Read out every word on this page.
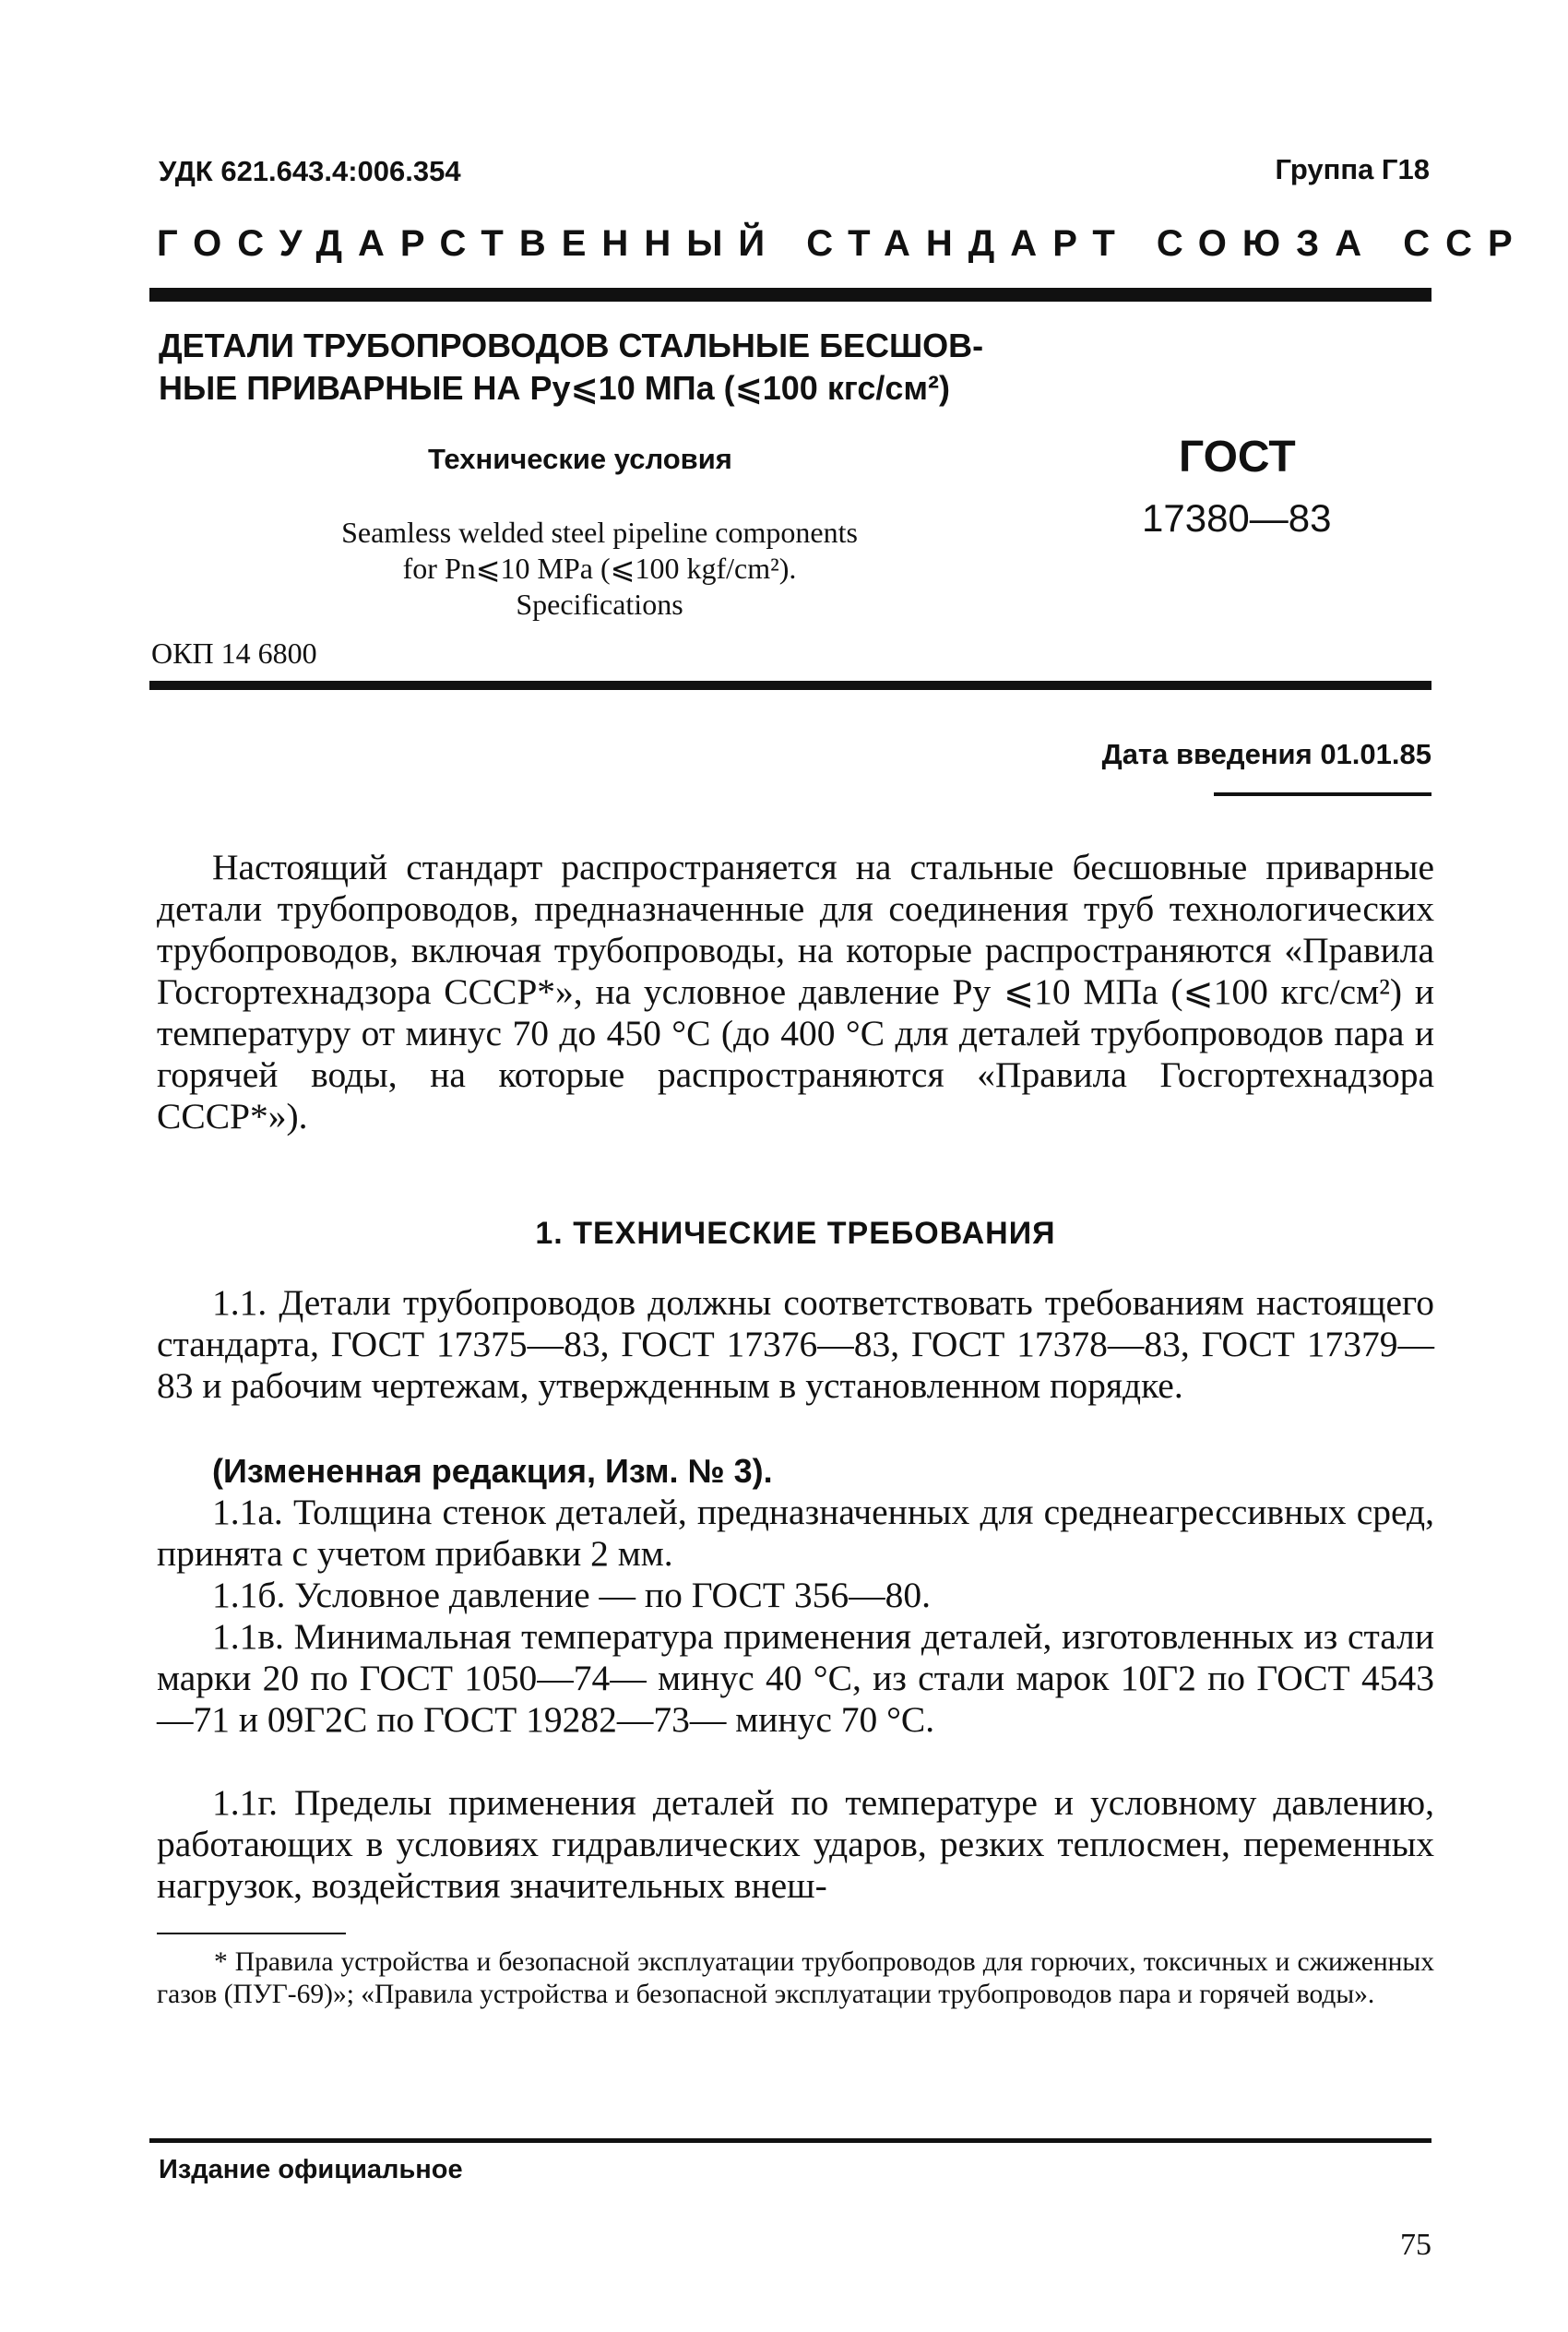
УДК 621.643.4:006.354	Группа Г18
ГОСУДАРСТВЕННЫЙ СТАНДАРТ СОЮЗА ССР
ДЕТАЛИ ТРУБОПРОВОДОВ СТАЛЬНЫЕ БЕСШОВ-
НЫЕ ПРИВАРНЫЕ НА Pу⩽10 МПа (⩽100 кгс/см²)
Технические условия	ГОСТ
17380—83
Seamless welded steel pipeline components
for Pn⩽10 MPa (⩽100 kgf/cm²).
Specifications
ОКП 14 6800
Дата введения 01.01.85
Настоящий стандарт распространяется на стальные бесшовные приварные детали трубопроводов, предназначенные для соединения труб технологических трубопроводов, включая трубопроводы, на которые распространяются «Правила Госгортехнадзора СССР*», на условное давление Pу ⩽10 МПа (⩽100 кгс/см²) и температуру от минус 70 до 450 °С (до 400 °С для деталей трубопроводов пара и горячей воды, на которые распространяются «Правила Госгортехнадзора СССР*»).
1. ТЕХНИЧЕСКИЕ ТРЕБОВАНИЯ
1.1. Детали трубопроводов должны соответствовать требованиям настоящего стандарта, ГОСТ 17375—83, ГОСТ 17376—83, ГОСТ 17378—83, ГОСТ 17379—83 и рабочим чертежам, утвержденным в установленном порядке.
(Измененная редакция, Изм. № 3).
1.1а. Толщина стенок деталей, предназначенных для среднеагрессивных сред, принята с учетом прибавки 2 мм.
1.1б. Условное давление — по ГОСТ 356—80.
1.1в. Минимальная температура применения деталей, изготовленных из стали марки 20 по ГОСТ 1050—74— минус 40 °С, из стали марок 10Г2 по ГОСТ 4543—71 и 09Г2С по ГОСТ 19282—73— минус 70 °С.
1.1г. Пределы применения деталей по температуре и условному давлению, работающих в условиях гидравлических ударов, резких теплосмен, переменных нагрузок, воздействия значительных внеш-
* Правила устройства и безопасной эксплуатации трубопроводов для горючих, токсичных и сжиженных газов (ПУГ-69)»; «Правила устройства и безопасной эксплуатации трубопроводов пара и горячей воды».
Издание официальное
75
